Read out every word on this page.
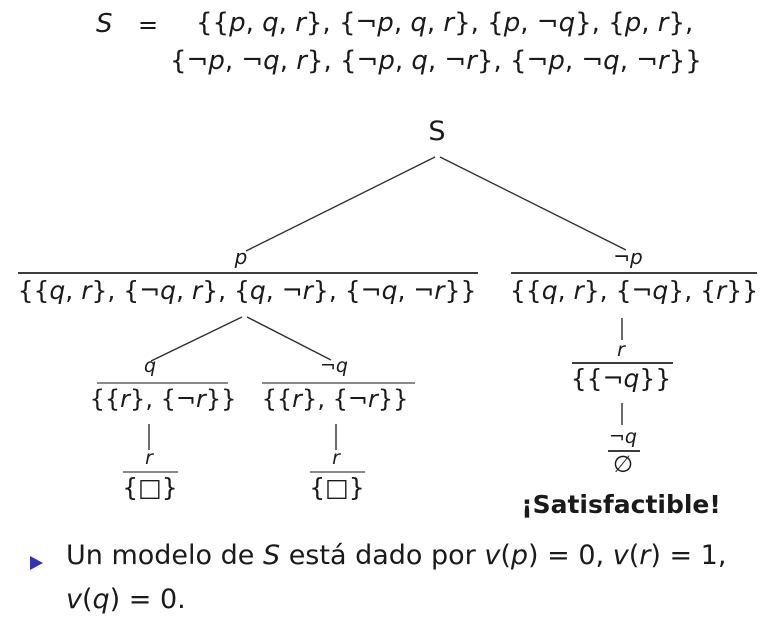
S = {{p, q, r}, {¬p, q, r}, {p, ¬q}, {p, r},
{¬p, ¬q, r}, {¬p, q, ¬r}, {¬p, ¬q, ¬r}}
S
p
{{q, r}, {¬q, r}, {q, ¬r}, {¬q, ¬r}}
¬p
{{q, r}, {¬q}, {r}}
q
{{r}, {¬r}}
r
{□}
¬q
{{r}, {¬r}}
r
{□}
r
{{¬q}}
¬q
∅
¡Satisfactible!
Un modelo de S está dado por v(p) = 0, v(r) = 1,
v(q) = 0.
